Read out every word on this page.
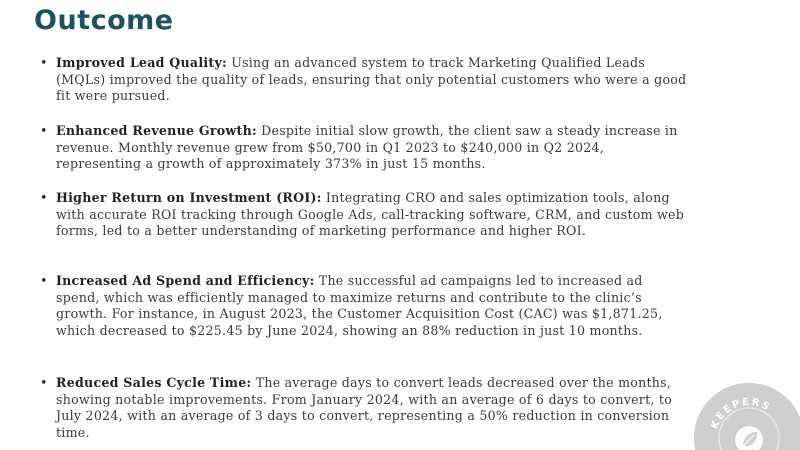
Outcome
• Improved Lead Quality: Using an advanced system to track Marketing Qualified Leads (MQLs) improved the quality of leads, ensuring that only potential customers who were a good fit were pursued.
• Enhanced Revenue Growth: Despite initial slow growth, the client saw a steady increase in revenue. Monthly revenue grew from $50,700 in Q1 2023 to $240,000 in Q2 2024, representing a growth of approximately 373% in just 15 months.
• Higher Return on Investment (ROI): Integrating CRO and sales optimization tools, along with accurate ROI tracking through Google Ads, call-tracking software, CRM, and custom web forms, led to a better understanding of marketing performance and higher ROI.
• Increased Ad Spend and Efficiency: The successful ad campaigns led to increased ad spend, which was efficiently managed to maximize returns and contribute to the clinic’s growth. For instance, in August 2023, the Customer Acquisition Cost (CAC) was $1,871.25, which decreased to $225.45 by June 2024, showing an 88% reduction in just 10 months.
• Reduced Sales Cycle Time: The average days to convert leads decreased over the months, showing notable improvements. From January 2024, with an average of 6 days to convert, to July 2024, with an average of 3 days to convert, representing a 50% reduction in conversion time.
KEEPERS
